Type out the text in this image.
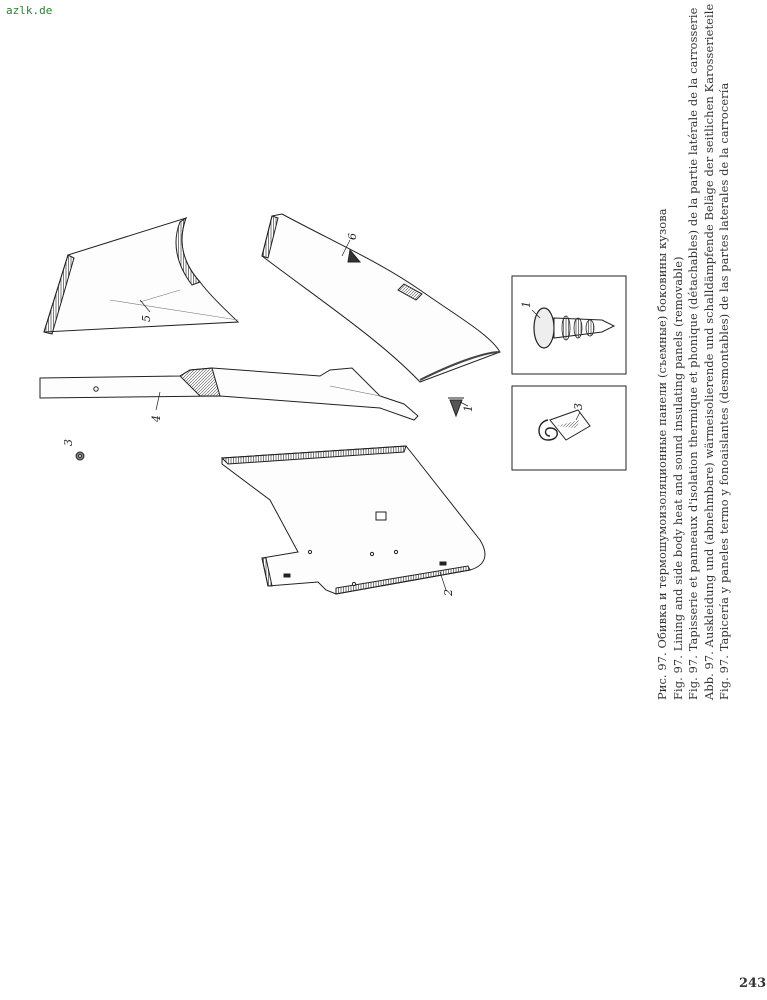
azlk.de
5
6
4
1
3
2
1
3	Рис. 97. Обивка и термошумоизоляционные панели (съемные) боковины кузова Fig. 97. Lining and side body heat and sound insulating panels (removable) Fig. 97. Tapisserie et panneaux d'isolation thermique et phonique (détachables) de la partie latérale de la carrosserie Abb. 97. Auskleidung und (abnehmbare) wärmeisolierende und schalldämpfende Beläge der seitlichen Karosserieteile Fig. 97. Tapicería y paneles termo y fonoaislantes (desmontables) de las partes laterales de la carrocería
243
